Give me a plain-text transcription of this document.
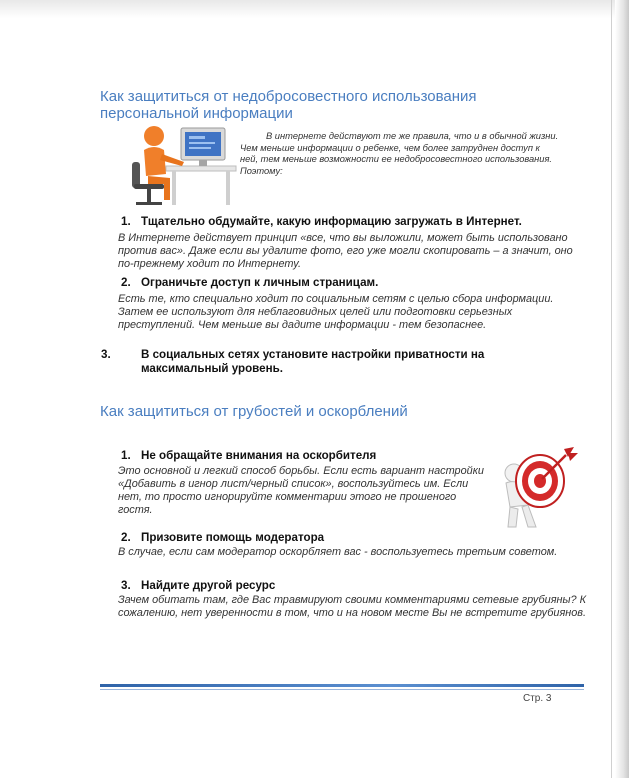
Как защититься от недобросовестного использования персональной информации

В интернете действуют те же правила, что и в обычной жизни. Чем меньше информации о ребенке, чем более затруднен доступ к ней, тем меньше возможности ее недобросовестного использования. Поэтому:

1. Тщательно обдумайте, какую информацию загружать в Интернет.

В Интернете действует принцип «все, что вы выложили, может быть использовано против вас». Даже если вы удалите фото, его уже могли скопировать – а значит, оно по-прежнему ходит по Интернету.

2. Ограничьте доступ к личным страницам.

Есть те, кто специально ходит по социальным сетям с целью сбора информации. Затем ее используют для неблаговидных целей или подготовки серьезных преступлений. Чем меньше вы дадите информации - тем безопаснее.

3.	В социальных сетях установите настройки приватности на максимальный уровень.
Как защититься от грубостей и оскорблений
1. Не обращайте внимания на оскорбителя

Это основной и легкий способ борьбы. Если есть вариант настройки «Добавить в игнор лист/черный список», воспользуйтесь им. Если нет, то просто игнорируйте комментарии этого не прошеного гостя.

2. Призовите помощь модератора

В случае, если сам модератор оскорбляет вас - воспользуетесь третьим советом.

3. Найдите другой ресурс

Зачем обитать там, где Вас травмируют своими комментариями сетевые грубияны? К сожалению, нет уверенности в том, что и на новом месте Вы не встретите грубиянов.

Стр. 3
